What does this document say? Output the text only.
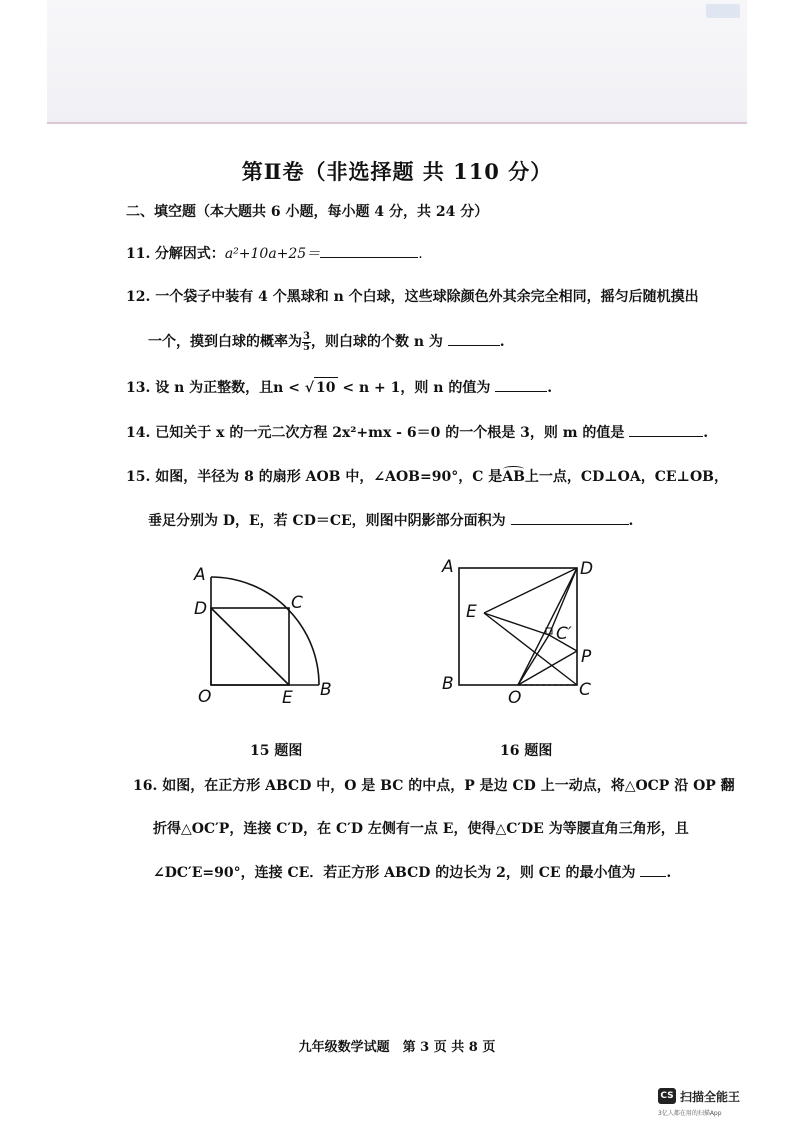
第Ⅱ卷（非选择题 共 110 分）
二、填空题（本大题共 6 小题，每小题 4 分，共 24 分）
11. 分解因式：a²+10a+25＝	.
12. 一个袋子中装有 4 个黑球和 n 个白球，这些球除颜色外其余完全相同，摇匀后随机摸出
一个，摸到白球的概率为 $\frac{3}{5}$ ，则白球的个数 n 为	.
13. 设 n 为正整数，且n < √ 10 < n + 1，则 n 的值为	.
14. 已知关于 x 的一元二次方程 2x²+mx - 6＝0 的一个根是 3，则 m 的值是	.
15. 如图，半径为 8 的扇形 AOB 中，∠AOB=90°，C 是AB上一点，CD⊥OA，CE⊥OB，
垂足分别为 D，E，若 CD＝CE，则图中阴影部分面积为	.
A
D	C
O	E B
15 题图
A	D
E
C′
P
B
O	C
16 题图
16. 如图，在正方形 ABCD 中，O 是 BC 的中点，P 是边 CD 上一动点，将△OCP 沿 OP 翻
折得△OC′P，连接 C′D，在 C′D 左侧有一点 E，使得△C′DE 为等腰直角三角形，且
∠DC′E=90°，连接 CE．若正方形 ABCD 的边长为 2，则 CE 的最小值为 .
九年级数学试题　第 3 页 共 8 页
CS 扫描全能王
3亿人都在用的扫描App
